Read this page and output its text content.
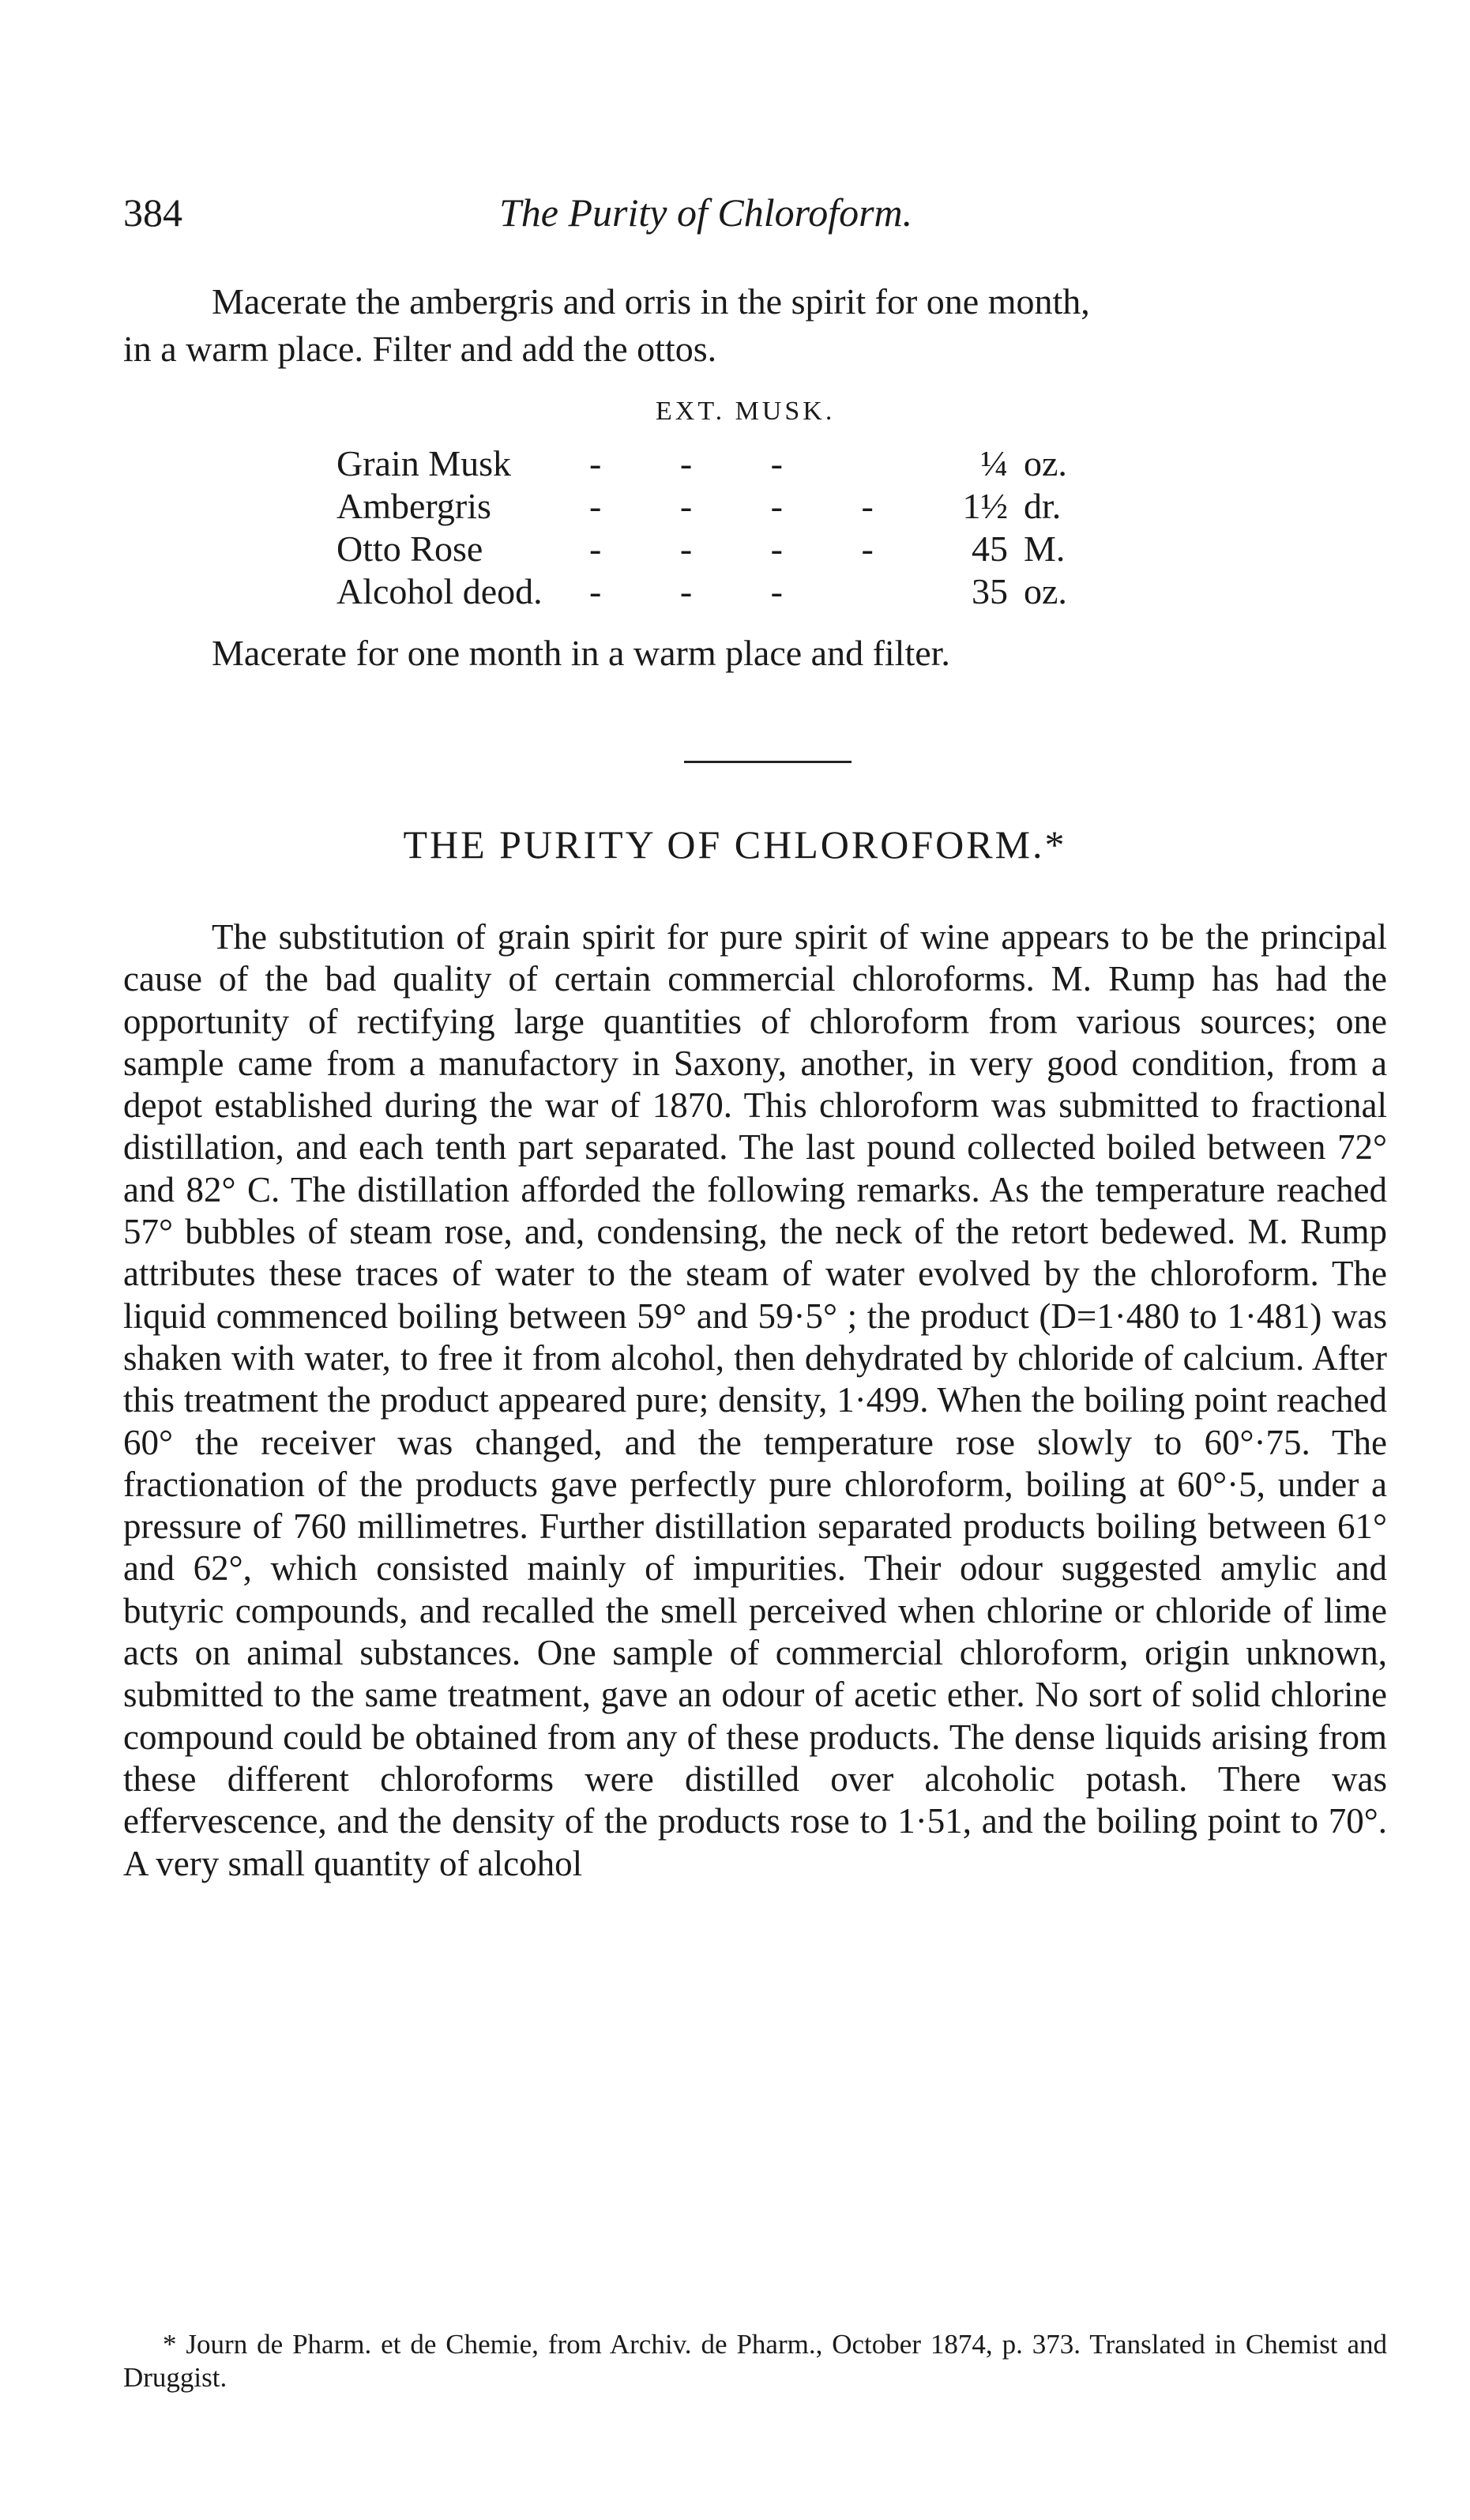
384	The Purity of Chloroform.
Macerate the ambergris and orris in the spirit for one month,
in a warm place. Filter and add the ottos.
EXT. MUSK.
Grain Musk - - -	¼ oz.
Ambergris	- - - -	1½ dr.
Otto Rose	- - - -	45 M.
Alcohol deod. - - -	35 oz.
Macerate for one month in a warm place and filter.
THE PURITY OF CHLOROFORM.*
The substitution of grain spirit for pure spirit of wine appears to be the principal cause of the bad quality of certain commercial chloroforms. M. Rump has had the opportunity of rectifying large quantities of chloroform from various sources; one sample came from a manufactory in Saxony, another, in very good condition, from a depot established during the war of 1870. This chloroform was submitted to fractional distillation, and each tenth part separated. The last pound collected boiled between 72° and 82° C. The distillation afforded the following remarks. As the temperature reached 57° bubbles of steam rose, and, condensing, the neck of the retort bedewed. M. Rump attributes these traces of water to the steam of water evolved by the chloroform. The liquid commenced boiling between 59° and 59·5° ; the product (D=1·480 to 1·481) was shaken with water, to free it from alcohol, then dehydrated by chloride of calcium. After this treatment the product appeared pure; density, 1·499. When the boiling point reached 60° the receiver was changed, and the temperature rose slowly to 60°·75. The fractionation of the products gave perfectly pure chloroform, boiling at 60°·5, under a pressure of 760 millimetres. Further distillation separated products boiling between 61° and 62°, which consisted mainly of impurities. Their odour suggested amylic and butyric compounds, and recalled the smell perceived when chlorine or chloride of lime acts on animal substances. One sample of commercial chloroform, origin unknown, submitted to the same treatment, gave an odour of acetic ether. No sort of solid chlorine compound could be obtained from any of these products. The dense liquids arising from these different chloroforms were distilled over alcoholic potash. There was effervescence, and the density of the products rose to 1·51, and the boiling point to 70°. A very small quantity of alcohol
* Journ de Pharm. et de Chemie, from Archiv. de Pharm., October 1874, p. 373. Translated in Chemist and Druggist.
